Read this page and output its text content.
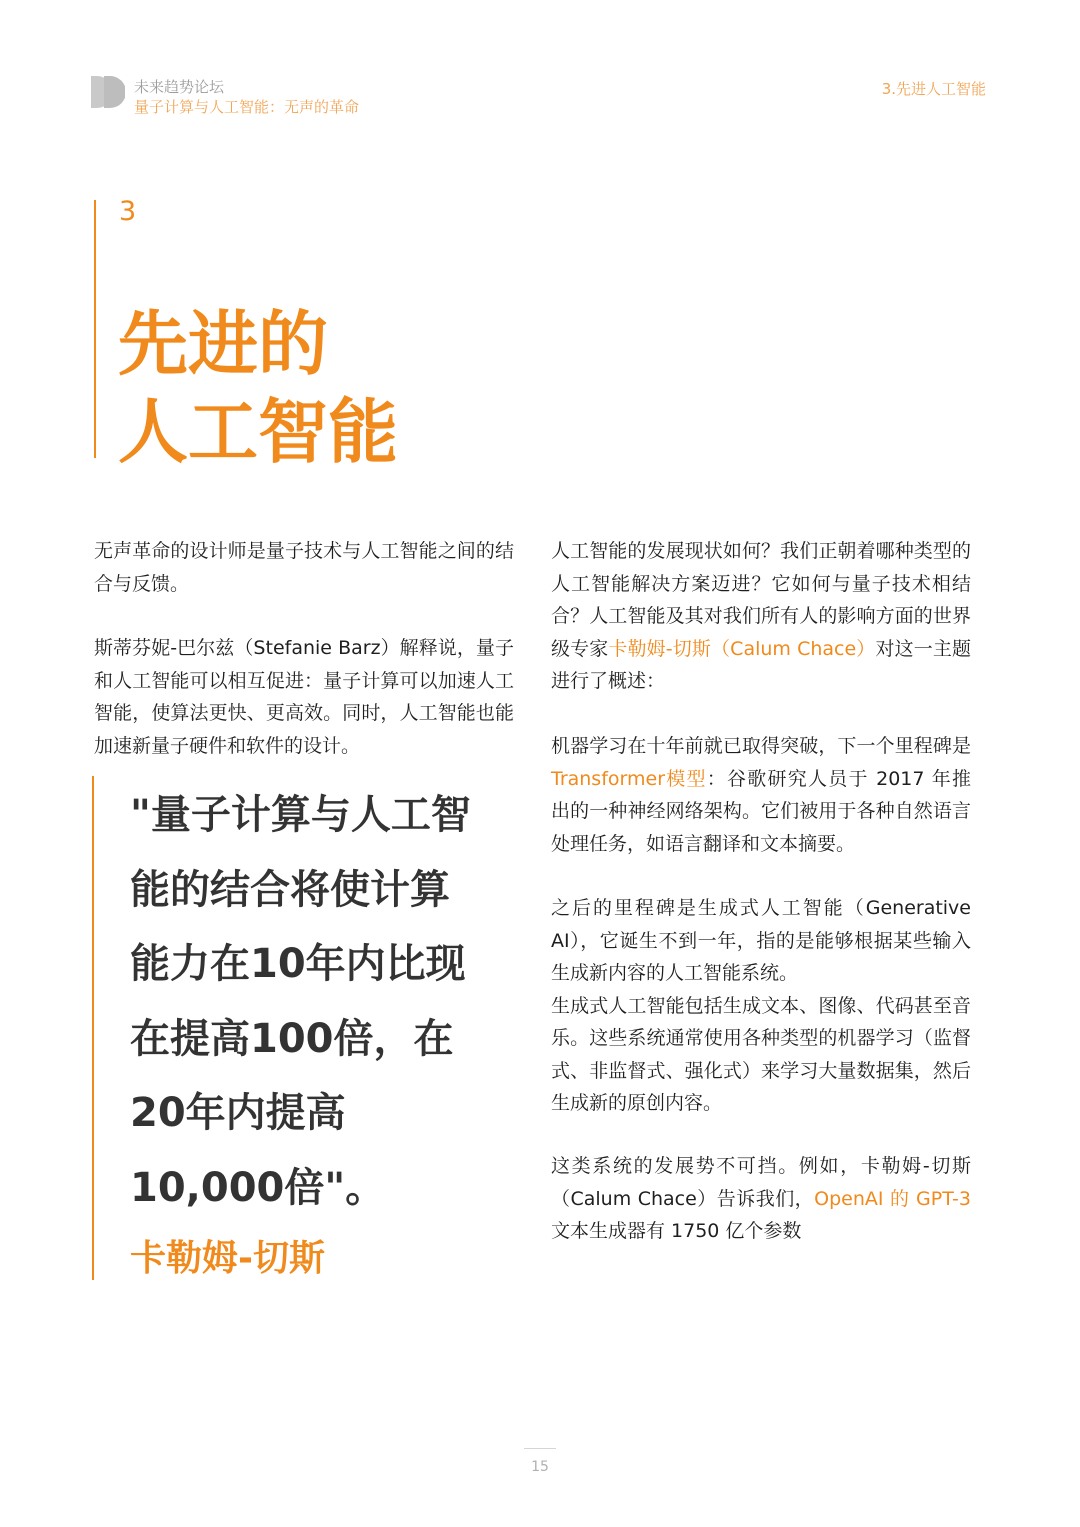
未来趋势论坛
量子计算与人工智能：无声的革命
3.先进人工智能
3
先进的
人工智能
无声革命的设计师是量子技术与人工智能之间的结合与反馈。
斯蒂芬妮-巴尔兹（Stefanie Barz）解释说，量子和人工智能可以相互促进：量子计算可以加速人工智能，使算法更快、更高效。同时，人工智能也能加速新量子硬件和软件的设计。
"量子计算与人工智能的结合将使计算能力在10年内比现在提高100倍，在20年内提高10,000倍"。
卡勒姆-切斯
人工智能的发展现状如何？我们正朝着哪种类型的人工智能解决方案迈进？它如何与量子技术相结合？人工智能及其对我们所有人的影响方面的世界级专家卡勒姆-切斯（Calum Chace）对这一主题进行了概述：
机器学习在十年前就已取得突破，下一个里程碑是Transformer模型：谷歌研究人员于 2017 年推出的一种神经网络架构。它们被用于各种自然语言处理任务，如语言翻译和文本摘要。

之后的里程碑是生成式人工智能（Generative AI），它诞生不到一年，指的是能够根据某些输入生成新内容的人工智能系统。

生成式人工智能包括生成文本、图像、代码甚至音乐。这些系统通常使用各种类型的机器学习（监督式、非监督式、强化式）来学习大量数据集，然后生成新的原创内容。

这类系统的发展势不可挡。例如，卡勒姆-切斯（Calum Chace）告诉我们，OpenAI 的 GPT-3文本生成器有 1750 亿个参数
15
